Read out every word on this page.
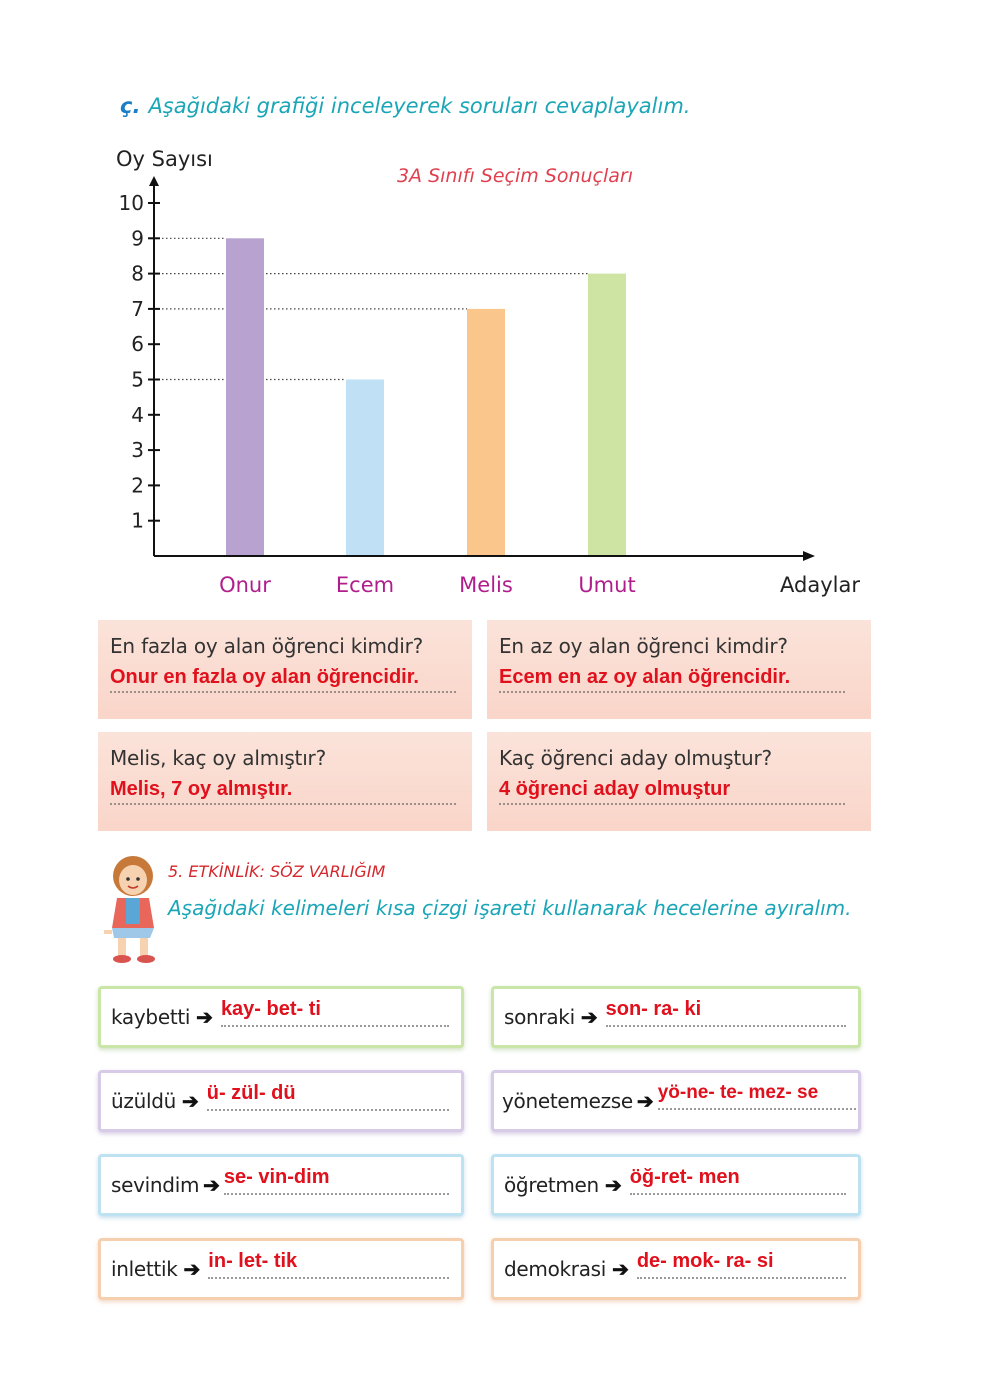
ç. Aşağıdaki grafiği inceleyerek soruları cevaplayalım.
1
2
3
4
5
6
7
8
9
10
Onur	Ecem	Melis	Umut
Oy Sayısı
Adaylar
3A Sınıfı Seçim Sonuçları
En fazla oy alan öğrenci kimdir?
Onur en fazla oy alan öğrencidir.
En az oy alan öğrenci kimdir?
Ecem en az oy alan öğrencidir.
Melis, kaç oy almıştır?
Melis, 7 oy almıştır.
Kaç öğrenci aday olmuştur?
4 öğrenci aday olmuştur
5. ETKİNLİK: SÖZ VARLIĞIM
Aşağıdaki kelimeleri kısa çizgi işareti kullanarak hecelerine ayıralım.
kaybetti ➔ kay- bet- ti	sonraki ➔ son- ra- ki
üzüldü ➔ ü- zül- dü	yönetemezse ➔ yö-ne- te- mez- se
sevindim ➔ se- vin-dim	öğretmen ➔ öğ-ret- men
inlettik ➔ in- let- tik	demokrasi ➔ de- mok- ra- si
